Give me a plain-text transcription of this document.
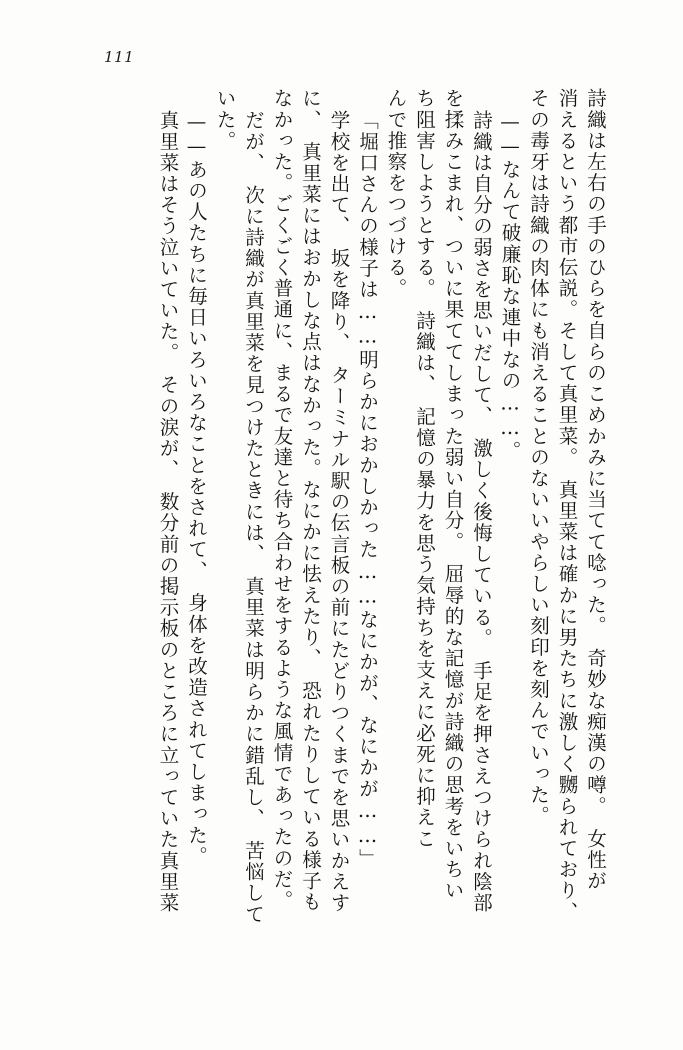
111
詩織は左右の手のひらを自らのこめかみに当てて唸った。　奇妙な痴漢の噂。　女性が
消えるという都市伝説。そして真里菜。　真里菜は確かに男たちに激しく嬲られており、
その毒牙は詩織の肉体にも消えることのないいやらしい刻印を刻んでいった。
——なんて破廉恥な連中なの……。
詩織は自分の弱さを思いだして、　激しく後悔している。　手足を押さえつけられ陰部
を揉みこまれ、ついに果ててしまった弱い自分。　屈辱的な記憶が詩織の思考をいちい
ち阻害しようとする。　詩織は、　記憶の暴力を思う気持ちを支えに必死に抑えこ
んで推察をつづける。
「堀口さんの様子は……明らかにおかしかった……なにかが、なにかが……」
学校を出て、　坂を降り、　ターミナル駅の伝言板の前にたどりつくまでを思いかえす
に、　真里菜にはおかしな点はなかった。なにかに怯えたり、　恐れたりしている様子も
なかった。ごくごく普通に、まるで友達と待ち合わせをするような風情であったのだ。
だが、　次に詩織が真里菜を見つけたときには、　真里菜は明らかに錯乱し、　苦悩して
いた。
——あの人たちに毎日いろいろなことをされて、　身体を改造されてしまった。
真里菜はそう泣いていた。　その涙が、　数分前の掲示板のところに立っていた真里菜
